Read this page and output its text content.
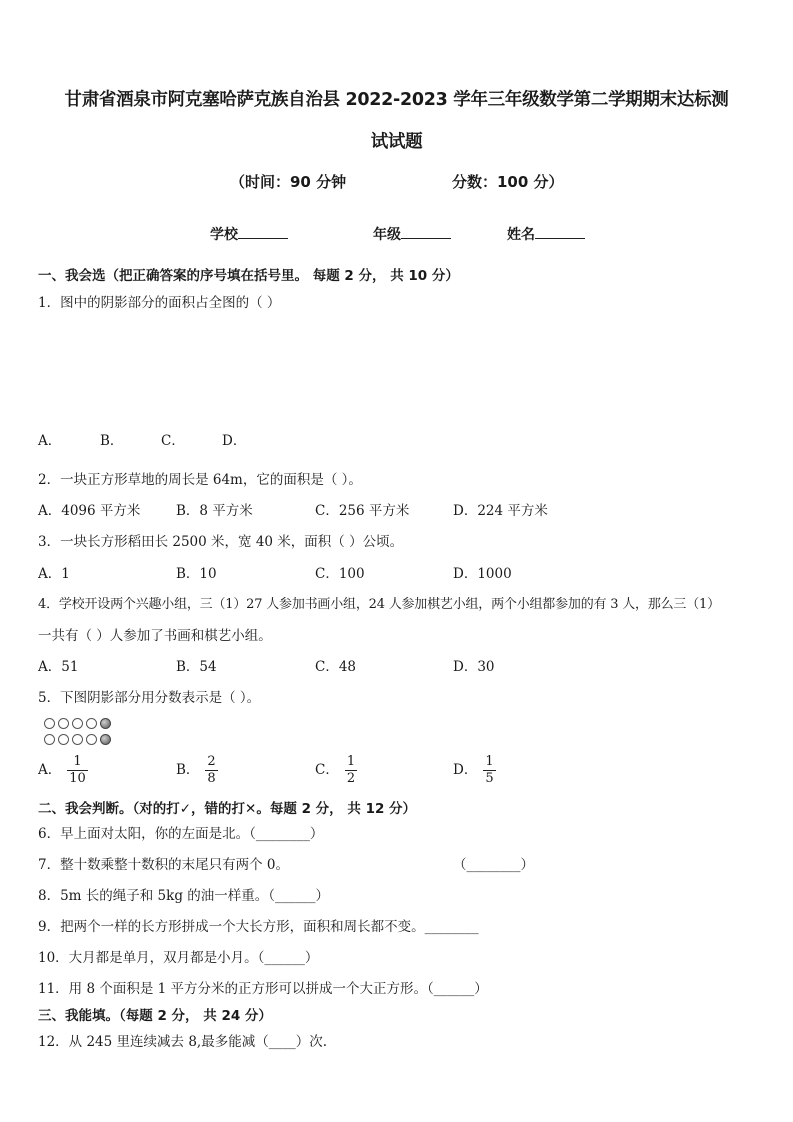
甘肃省酒泉市阿克塞哈萨克族自治县 2022-2023 学年三年级数学第二学期期末达标测
试试题
（时间：90 分钟	分数：100 分）
学校	年级	姓名
一、我会选（把正确答案的序号填在括号里。 每题 2 分， 共 10 分）
1．图中的阴影部分的面积占全图的（ ）
A．	B．	C．	D．
2．一块正方形草地的周长是 64m，它的面积是（ ）。
A．4096 平方米	B．8 平方米	C．256 平方米	D．224 平方米
3．一块长方形稻田长 2500 米，宽 40 米，面积（ ）公顷。
A．1	B．10	C．100	D．1000
4．学校开设两个兴趣小组，三（1）27 人参加书画小组，24 人参加棋艺小组，两个小组都参加的有 3 人，那么三（1）
一共有（ ）人参加了书画和棋艺小组。
A．51	B．54	C．48	D．30
5．下图阴影部分用分数表示是（ ）。
A． $\frac{1}{10}$	B． $\frac{2}{8}$	C． $\frac{1}{2}$	D． $\frac{1}{5}$
二、我会判断。（对的打✓，错的打✕。每题 2 分， 共 12 分）
6．早上面对太阳，你的左面是北。（________）
7．整十数乘整十数积的末尾只有两个 0。	（________）
8．5m 长的绳子和 5kg 的油一样重。（______）
9．把两个一样的长方形拼成一个大长方形，面积和周长都不变。________
10．大月都是单月，双月都是小月。（______）
11．用 8 个面积是 1 平方分米的正方形可以拼成一个大正方形。（______）
三、我能填。（每题 2 分， 共 24 分）
12．从 245 里连续减去 8,最多能减（____）次.
